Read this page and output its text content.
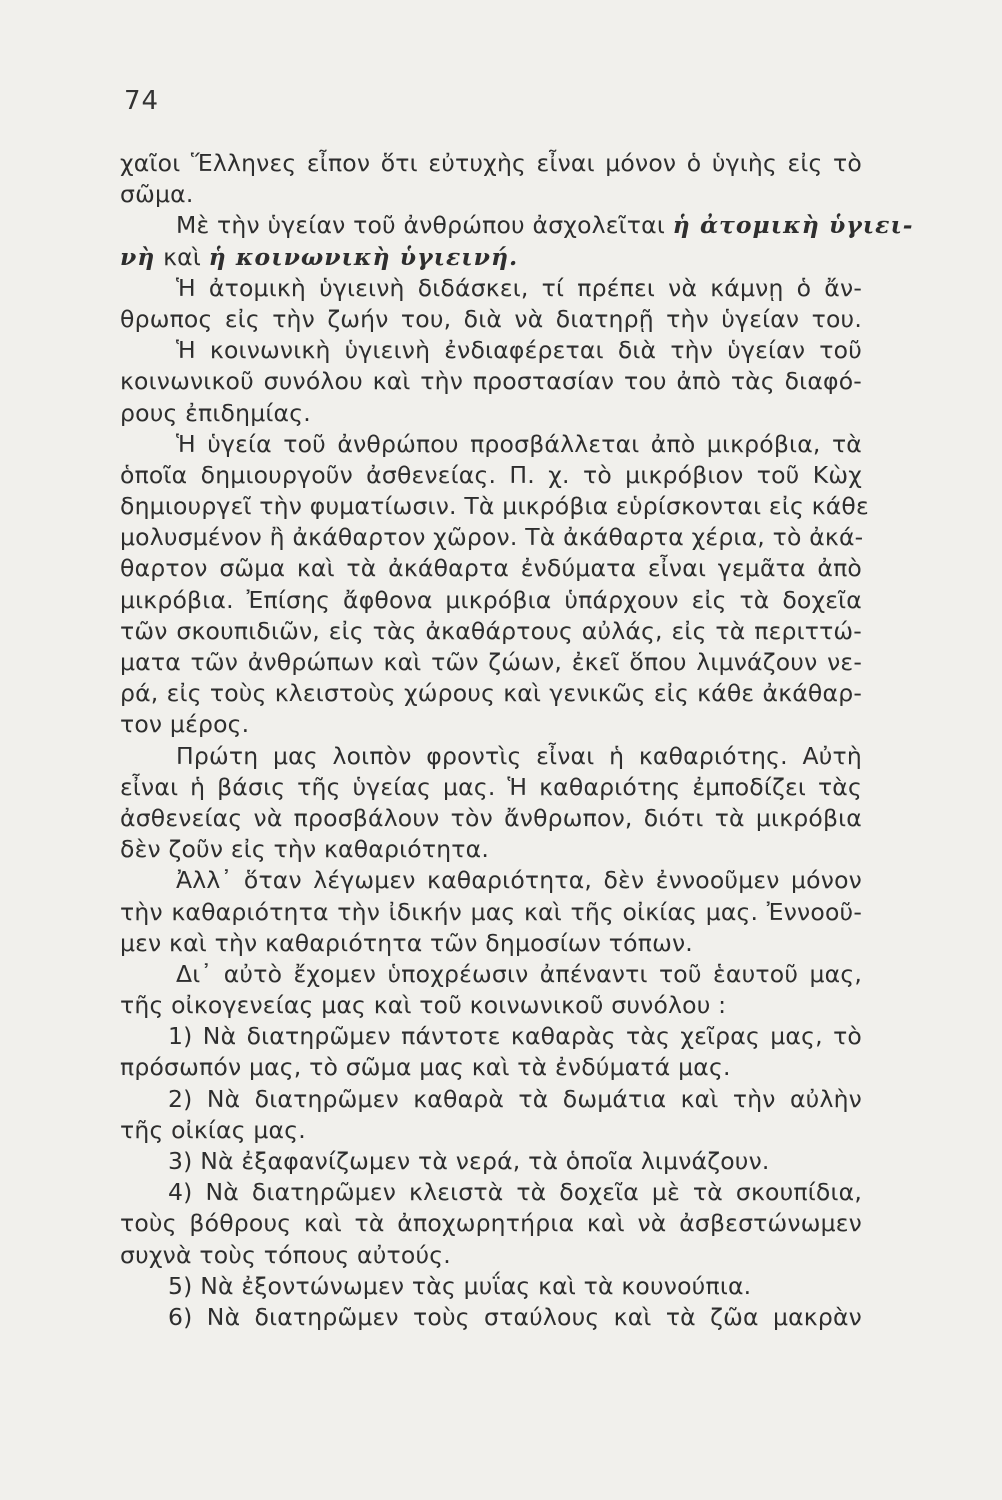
74
χαῖοι Ἕλληνες εἶπον ὅτι εὐτυχὴς εἶναι μόνον ὁ ὑγιὴς εἰς τὸ
σῶμα.
Μὲ τὴν ὑγείαν τοῦ ἀνθρώπου ἀσχολεῖται ἡ ἀτομικὴ ὑγιει-
νὴ καὶ ἡ κοινωνικὴ ὑγιεινή.
Ἡ ἀτομικὴ ὑγιεινὴ διδάσκει, τί πρέπει νὰ κάμνῃ ὁ ἄν-
θρωπος εἰς τὴν ζωήν του, διὰ νὰ διατηρῇ τὴν ὑγείαν του.
Ἡ κοινωνικὴ ὑγιεινὴ ἐνδιαφέρεται διὰ τὴν ὑγείαν τοῦ
κοινωνικοῦ συνόλου καὶ τὴν προστασίαν του ἀπὸ τὰς διαφό-
ρους ἐπιδημίας.
Ἡ ὑγεία τοῦ ἀνθρώπου προσβάλλεται ἀπὸ μικρόβια, τὰ
ὁποῖα δημιουργοῦν ἀσθενείας. Π. χ. τὸ μικρόβιον τοῦ Κὼχ
δημιουργεῖ τὴν φυματίωσιν. Τὰ μικρόβια εὑρίσκονται εἰς κάθε
μολυσμένον ἢ ἀκάθαρτον χῶρον. Τὰ ἀκάθαρτα χέρια, τὸ ἀκά-
θαρτον σῶμα καὶ τὰ ἀκάθαρτα ἐνδύματα εἶναι γεμᾶτα ἀπὸ
μικρόβια. Ἐπίσης ἄφθονα μικρόβια ὑπάρχουν εἰς τὰ δοχεῖα
τῶν σκουπιδιῶν, εἰς τὰς ἀκαθάρτους αὐλάς, εἰς τὰ περιττώ-
ματα τῶν ἀνθρώπων καὶ τῶν ζώων, ἐκεῖ ὅπου λιμνάζουν νε-
ρά, εἰς τοὺς κλειστοὺς χώρους καὶ γενικῶς εἰς κάθε ἀκάθαρ-
τον μέρος.
Πρώτη μας λοιπὸν φροντὶς εἶναι ἡ καθαριότης. Αὐτὴ
εἶναι ἡ βάσις τῆς ὑγείας μας. Ἡ καθαριότης ἐμποδίζει τὰς
ἀσθενείας νὰ προσβάλουν τὸν ἄνθρωπον, διότι τὰ μικρόβια
δὲν ζοῦν εἰς τὴν καθαριότητα.
Ἀλλ᾽ ὅταν λέγωμεν καθαριότητα, δὲν ἐννοοῦμεν μόνον
τὴν καθαριότητα τὴν ἰδικήν μας καὶ τῆς οἰκίας μας. Ἐννοοῦ-
μεν καὶ τὴν καθαριότητα τῶν δημοσίων τόπων.
Δι᾽ αὐτὸ ἔχομεν ὑποχρέωσιν ἀπέναντι τοῦ ἑαυτοῦ μας,
τῆς οἰκογενείας μας καὶ τοῦ κοινωνικοῦ συνόλου :
1) Νὰ διατηρῶμεν πάντοτε καθαρὰς τὰς χεῖρας μας, τὸ
πρόσωπόν μας, τὸ σῶμα μας καὶ τὰ ἐνδύματά μας.
2) Νὰ διατηρῶμεν καθαρὰ τὰ δωμάτια καὶ τὴν αὐλὴν
τῆς οἰκίας μας.
3) Νὰ ἐξαφανίζωμεν τὰ νερά, τὰ ὁποῖα λιμνάζουν.
4) Νὰ διατηρῶμεν κλειστὰ τὰ δοχεῖα μὲ τὰ σκουπίδια,
τοὺς βόθρους καὶ τὰ ἀποχωρητήρια καὶ νὰ ἀσβεστώνωμεν
συχνὰ τοὺς τόπους αὐτούς.
5) Νὰ ἐξοντώνωμεν τὰς μυΐας καὶ τὰ κουνούπια.
6) Νὰ διατηρῶμεν τοὺς σταύλους καὶ τὰ ζῶα μακρὰν
